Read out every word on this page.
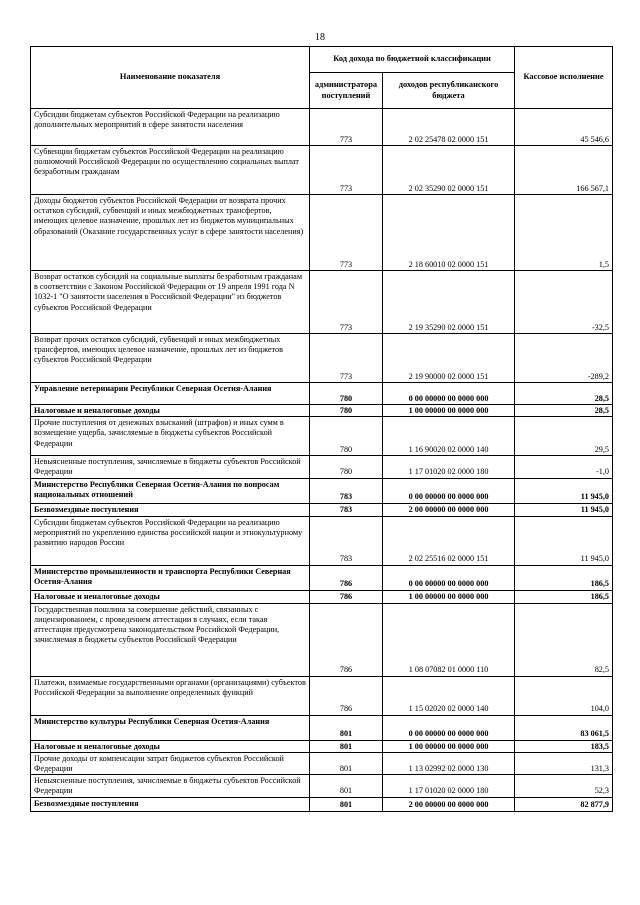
18
Наименование показателя	Код дохода по бюджетной классификации		Кассовое исполнение
	администратора поступлений	доходов республиканского бюджета	
Субсидии бюджетам субъектов Российской Федерации на реализацию дополнительных мероприятий в сфере занятости населения	773	2 02 25478 02 0000 151	45 546,6
Субвенции бюджетам субъектов Российской Федерации на реализацию полномочий Российской Федерации по осуществлению социальных выплат безработным гражданам	773	2 02 35290 02 0000 151	166 567,1
Доходы бюджетов субъектов Российской Федерации от возврата прочих остатков субсидий, субвенций и иных межбюджетных трансфертов, имеющих целевое назначение, прошлых лет из бюджетов муниципальных образований (Оказание государственных услуг в сфере занятости населения)	773	2 18 60010 02 0000 151	1,5
Возврат остатков субсидий на социальные выплаты безработным гражданам в соответствии с Законом Российской Федерации от 19 апреля 1991 года N 1032-1 "О занятости населения в Российской Федерации" из бюджетов субъектов Российской Федерации	773	2 19 35290 02 0000 151	-32,5
Возврат прочих остатков субсидий, субвенций и иных межбюджетных трансфертов, имеющих целевое назначение, прошлых лет из бюджетов субъектов Российской Федерации	773	2 19 90000 02 0000 151	-289,2
Управление ветеринарии Республики Северная Осетия-Алания	780	0 00 00000 00 0000 000	28,5
Налоговые и неналоговые доходы	780	1 00 00000 00 0000 000	28,5
Прочие поступления от денежных взысканий (штрафов) и иных сумм в возмещение ущерба, зачисляемые в бюджеты субъектов Российской Федерации	780	1 16 90020 02 0000 140	29,5
Невыясненные поступления, зачисляемые в бюджеты субъектов Российской Федерации	780	1 17 01020 02 0000 180	-1,0
Министерство Республики Северная Осетия-Алания по вопросам национальных отношений	783	0 00 00000 00 0000 000	11 945,0
Безвозмездные поступления	783	2 00 00000 00 0000 000	11 945,0
Субсидии бюджетам субъектов Российской Федерации на реализацию мероприятий по укреплению единства российской нации и этнокультурному развитию народов России	783	2 02 25516 02 0000 151	11 945,0
Министерство промышленности и транспорта Республики Северная Осетия-Алания	786	0 00 00000 00 0000 000	186,5
Налоговые и неналоговые доходы	786	1 00 00000 00 0000 000	186,5
Государственная пошлина за совершение действий, связанных с лицензированием, с проведением аттестации в случаях, если такая аттестация предусмотрена законодательством Российской Федерации, зачисляемая в бюджеты субъектов Российской Федерации	786	1 08 07082 01 0000 110	82,5
Платежи, взимаемые государственными органами (организациями) субъектов Российской Федерации за выполнение определенных функций	786	1 15 02020 02 0000 140	104,0
Министерство культуры Республики Северная Осетия-Алания	801	0 00 00000 00 0000 000	83 061,5
Налоговые и неналоговые доходы	801	1 00 00000 00 0000 000	183,5
Прочие доходы от компенсации затрат бюджетов субъектов Российской Федерации	801	1 13 02992 02 0000 130	131,3
Невыясненные поступления, зачисляемые в бюджеты субъектов Российской Федерации	801	1 17 01020 02 0000 180	52,3
Безвозмездные поступления	801	2 00 00000 00 0000 000	82 877,9
